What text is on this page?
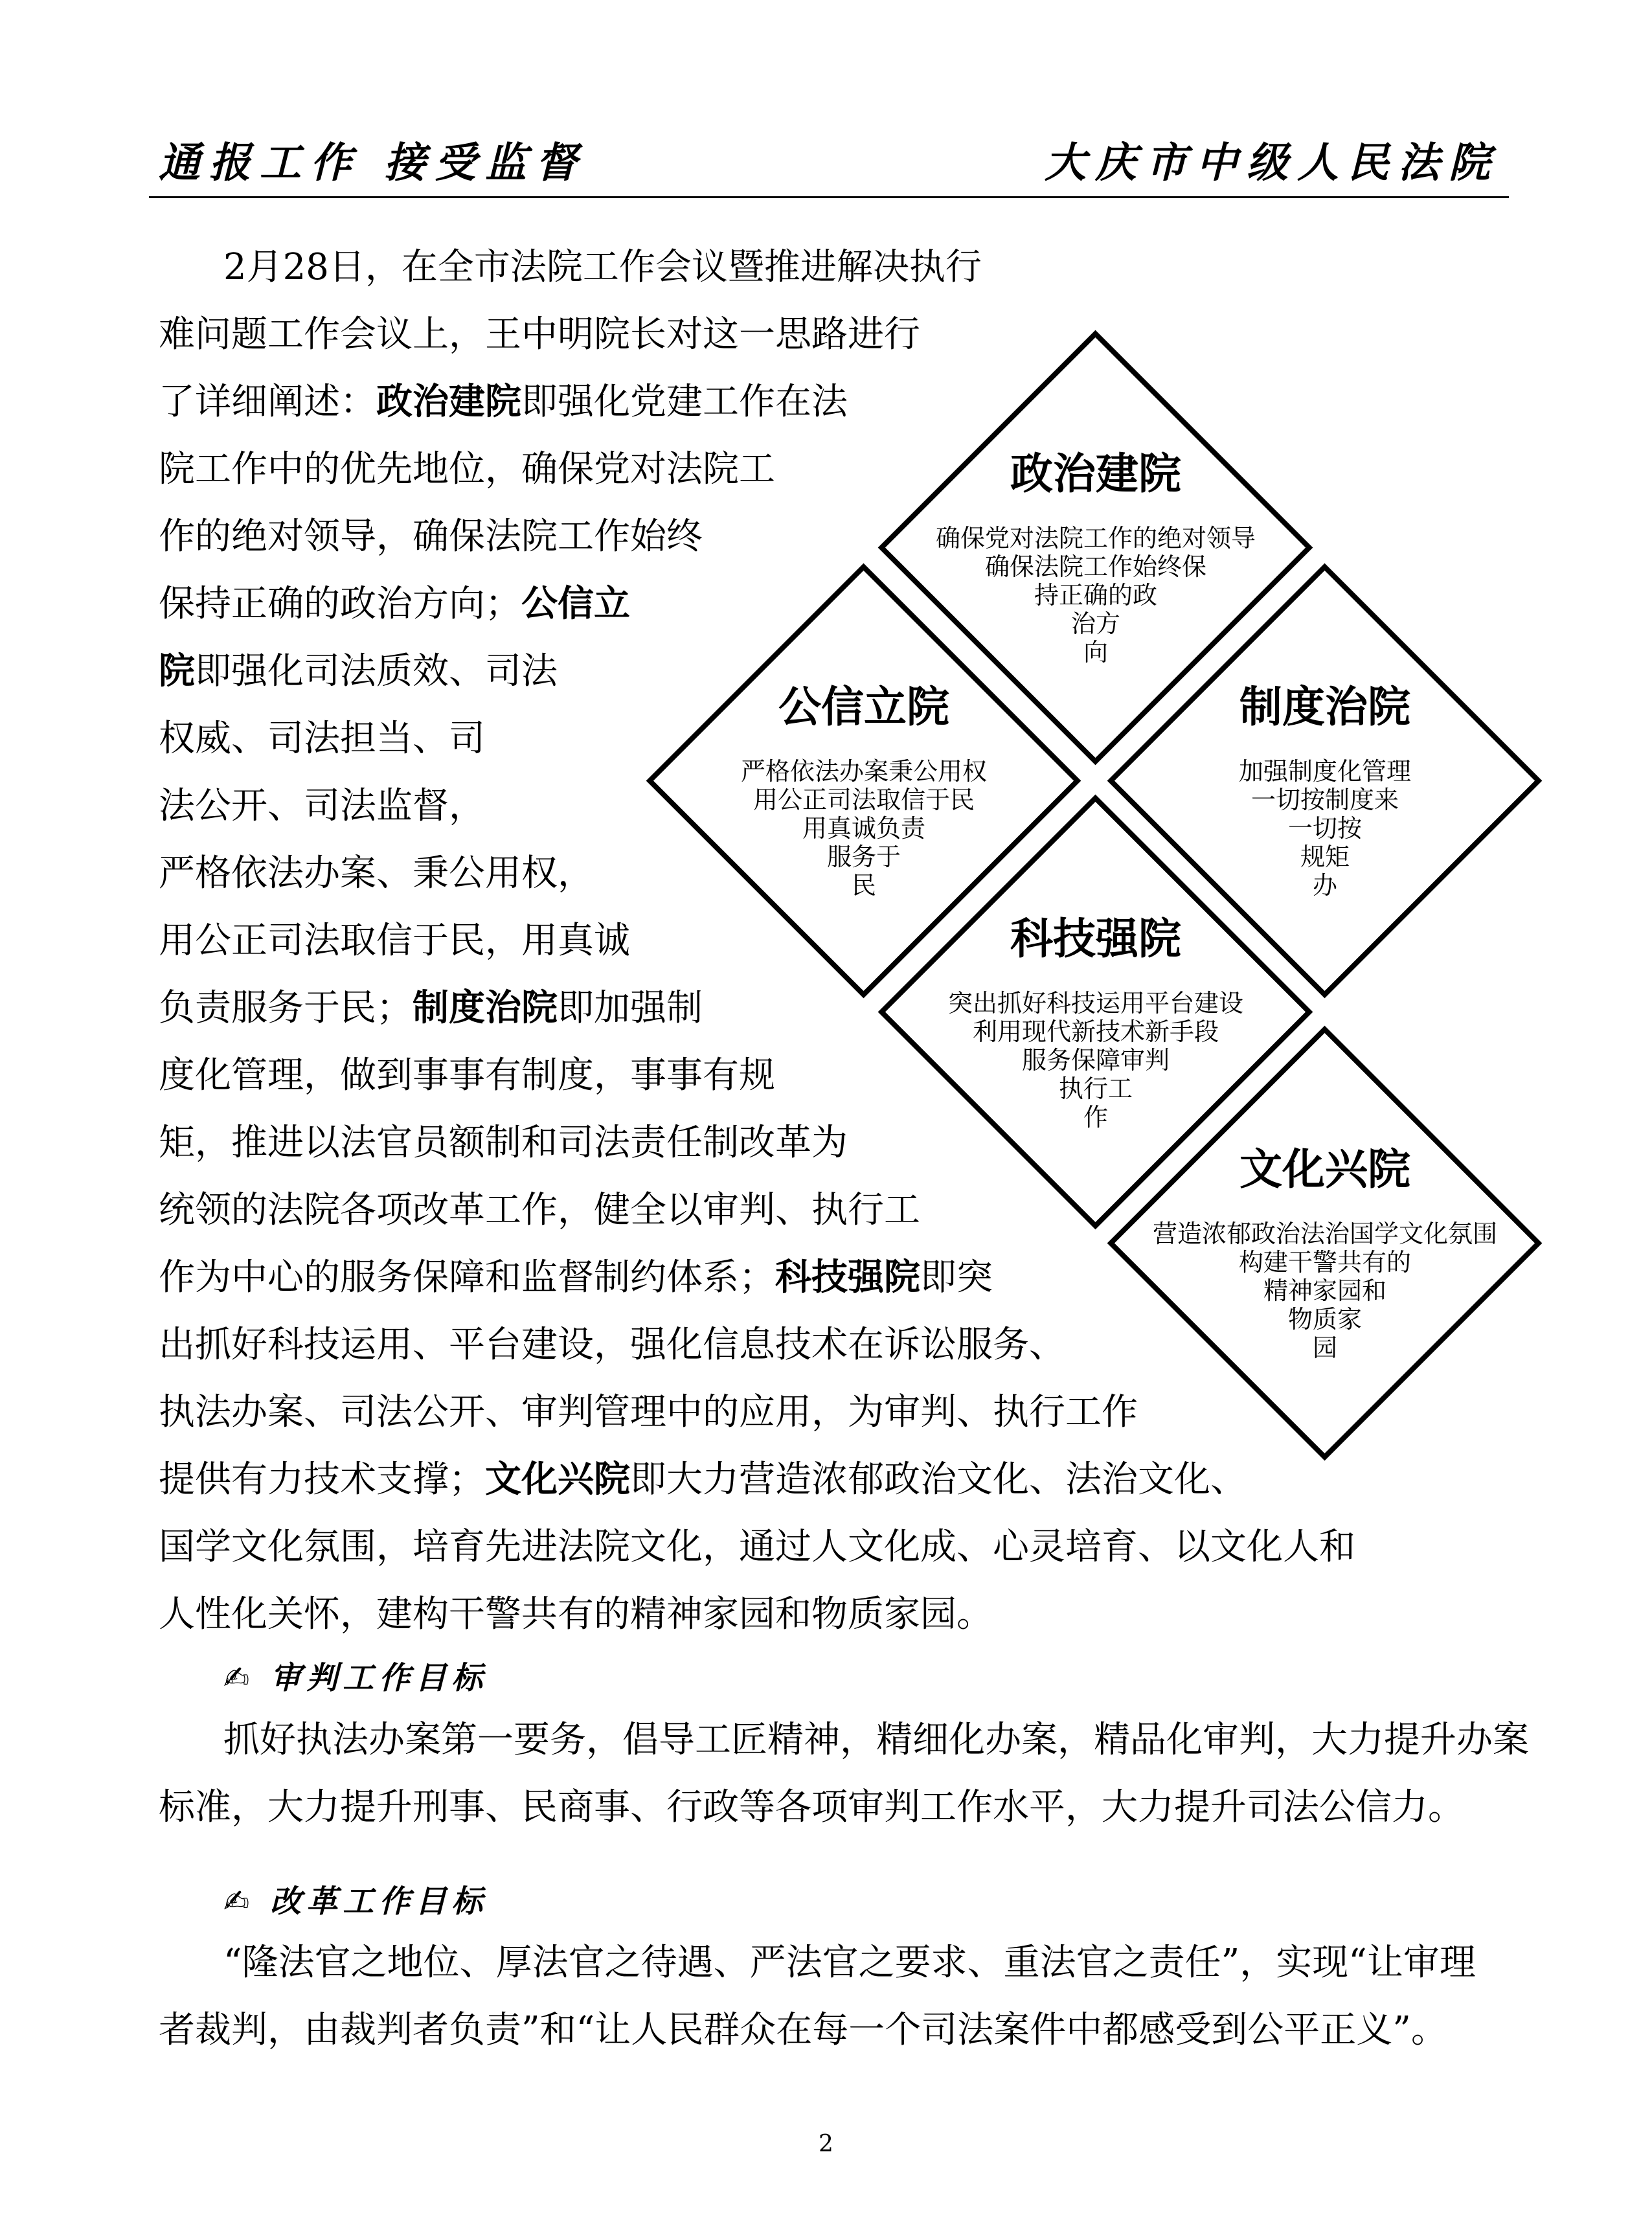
通报工作 接受监督	大庆市中级人民法院
2月28日，在全市法院工作会议暨推进解决执行
难问题工作会议上，王中明院长对这一思路进行
了详细阐述：政治建院即强化党建工作在法
院工作中的优先地位，确保党对法院工
作的绝对领导，确保法院工作始终
保持正确的政治方向；公信立
院即强化司法质效、司法
权威、司法担当、司
法公开、司法监督，
严格依法办案、秉公用权，
用公正司法取信于民，用真诚
负责服务于民；制度治院即加强制
度化管理，做到事事有制度，事事有规
矩，推进以法官员额制和司法责任制改革为
统领的法院各项改革工作，健全以审判、执行工
作为中心的服务保障和监督制约体系；科技强院即突
出抓好科技运用、平台建设，强化信息技术在诉讼服务、
执法办案、司法公开、审判管理中的应用，为审判、执行工作
提供有力技术支撑；文化兴院即大力营造浓郁政治文化、法治文化、
国学文化氛围，培育先进法院文化，通过人文化成、心灵培育、以文化人和
人性化关怀，建构干警共有的精神家园和物质家园。
政治建院
确保党对法院工作的绝对领导
确保法院工作始终保
持正确的政
治方
向
公信立院
严格依法办案秉公用权
用公正司法取信于民
用真诚负责
服务于
民
制度治院
加强制度化管理
一切按制度来
一切按
规矩
办
科技强院
突出抓好科技运用平台建设
利用现代新技术新手段
服务保障审判
执行工
作
文化兴院
营造浓郁政治法治国学文化氛围
构建干警共有的
精神家园和
物质家
园
✍ 审判工作目标
抓好执法办案第一要务，倡导工匠精神，精细化办案，精品化审判，大力提升办案
标准，大力提升刑事、民商事、行政等各项审判工作水平，大力提升司法公信力。
✍ 改革工作目标
“隆法官之地位、厚法官之待遇、严法官之要求、重法官之责任”，实现“让审理
者裁判，由裁判者负责”和“让人民群众在每一个司法案件中都感受到公平正义”。
2
